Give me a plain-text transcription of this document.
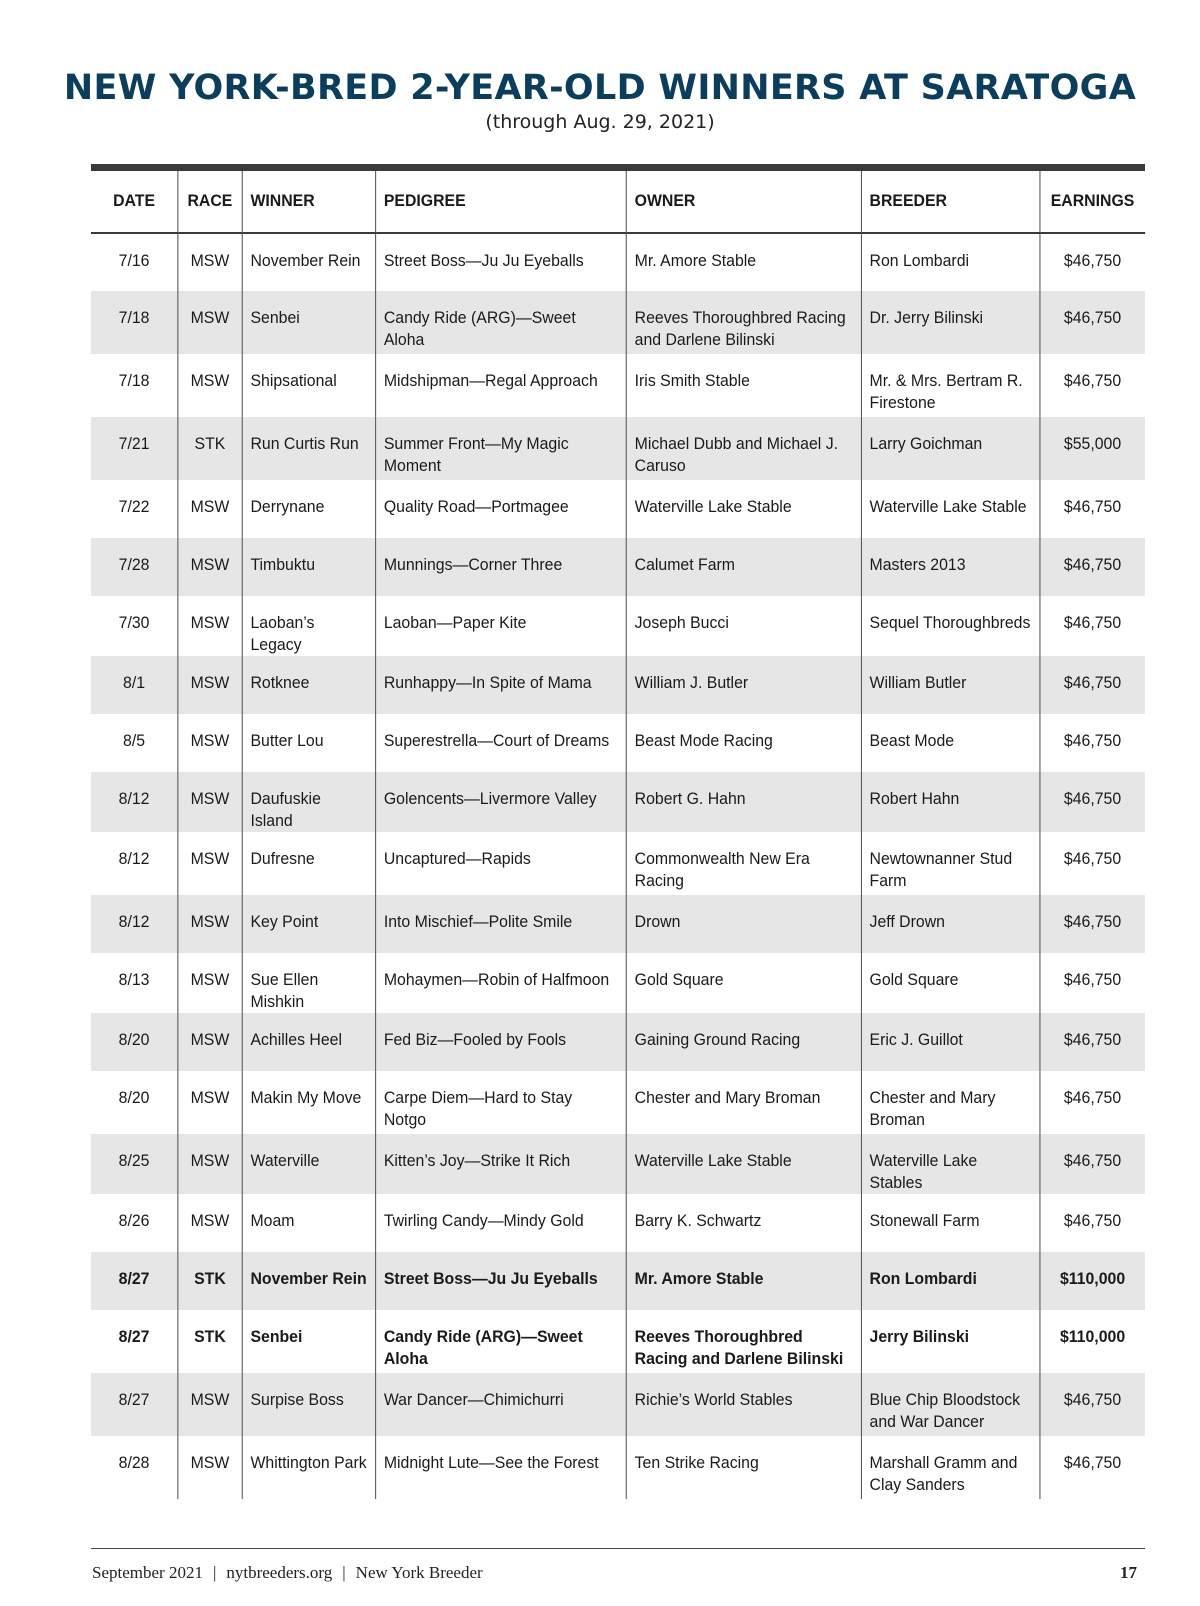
NEW YORK-BRED 2-YEAR-OLD WINNERS AT SARATOGA
(through Aug. 29, 2021)
DATE	RACE	WINNER	PEDIGREE	OWNER	BREEDER	EARNINGS
7/16	MSW	November Rein	Street Boss—Ju Ju Eyeballs	Mr. Amore Stable	Ron Lombardi	$46,750
7/18	MSW	Senbei	Candy Ride (ARG)—Sweet Aloha	Reeves Thoroughbred Racing and Darlene Bilinski	Dr. Jerry Bilinski	$46,750
7/18	MSW	Shipsational	Midshipman—Regal Approach	Iris Smith Stable	Mr. & Mrs. Bertram R. Firestone	$46,750
7/21	STK	Run Curtis Run	Summer Front—My Magic Moment	Michael Dubb and Michael J. Caruso	Larry Goichman	$55,000
7/22	MSW	Derrynane	Quality Road—Portmagee	Waterville Lake Stable	Waterville Lake Stable	$46,750
7/28	MSW	Timbuktu	Munnings—Corner Three	Calumet Farm	Masters 2013	$46,750
7/30	MSW	Laoban’s Legacy	Laoban—Paper Kite	Joseph Bucci	Sequel Thoroughbreds	$46,750
8/1	MSW	Rotknee	Runhappy—In Spite of Mama	William J. Butler	William Butler	$46,750
8/5	MSW	Butter Lou	Superestrella—Court of Dreams	Beast Mode Racing	Beast Mode	$46,750
8/12	MSW	Daufuskie Island	Golencents—Livermore Valley	Robert G. Hahn	Robert Hahn	$46,750
8/12	MSW	Dufresne	Uncaptured—Rapids	Commonwealth New Era Racing	Newtownanner Stud Farm	$46,750
8/12	MSW	Key Point	Into Mischief—Polite Smile	Drown	Jeff Drown	$46,750
8/13	MSW	Sue Ellen Mishkin	Mohaymen—Robin of Halfmoon	Gold Square	Gold Square	$46,750
8/20	MSW	Achilles Heel	Fed Biz—Fooled by Fools	Gaining Ground Racing	Eric J. Guillot	$46,750
8/20	MSW	Makin My Move	Carpe Diem—Hard to Stay Notgo	Chester and Mary Broman	Chester and Mary Broman	$46,750
8/25	MSW	Waterville	Kitten’s Joy—Strike It Rich	Waterville Lake Stable	Waterville Lake Stables	$46,750
8/26	MSW	Moam	Twirling Candy—Mindy Gold	Barry K. Schwartz	Stonewall Farm	$46,750
8/27	STK	November Rein	Street Boss—Ju Ju Eyeballs	Mr. Amore Stable	Ron Lombardi	$110,000
8/27	STK	Senbei	Candy Ride (ARG)—Sweet Aloha	Reeves Thoroughbred Racing and Darlene Bilinski	Jerry Bilinski	$110,000
8/27	MSW	Surpise Boss	War Dancer—Chimichurri	Richie’s World Stables	Blue Chip Bloodstock and War Dancer	$46,750
8/28	MSW	Whittington Park	Midnight Lute—See the Forest	Ten Strike Racing	Marshall Gramm and Clay Sanders	$46,750
September 2021 | nytbreeders.org | New York Breeder	17
